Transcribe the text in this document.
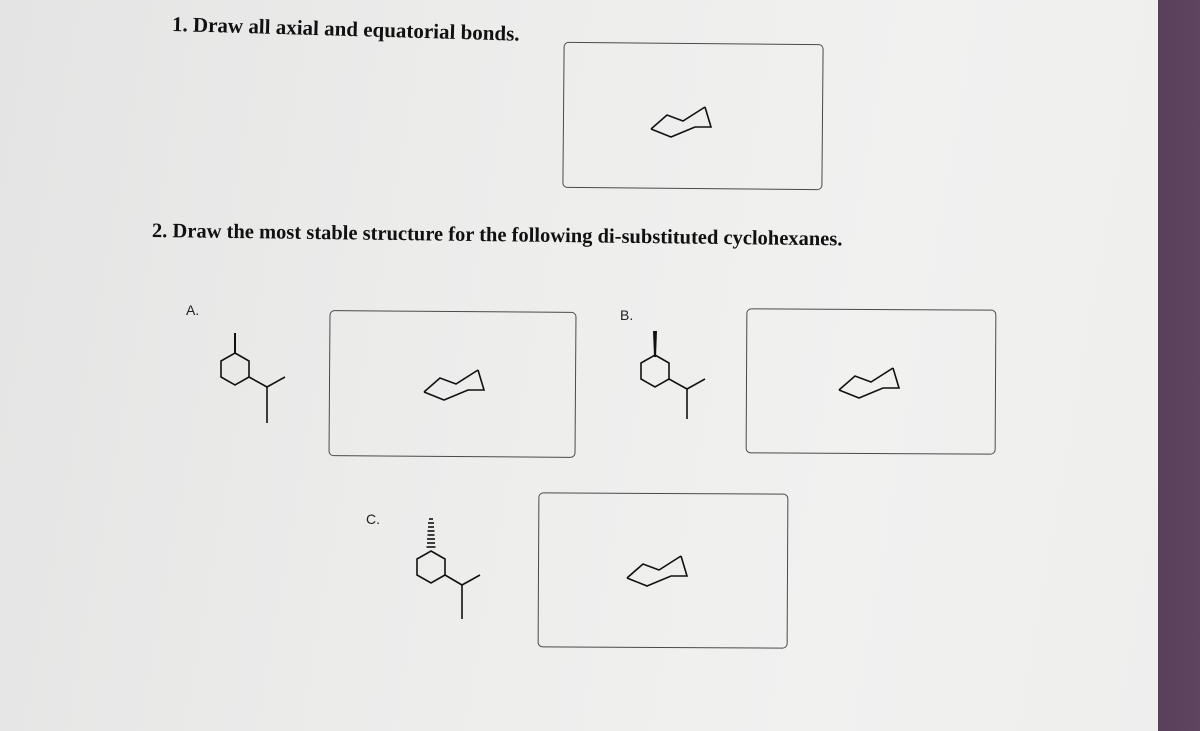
1. Draw all axial and equatorial bonds.
2. Draw the most stable structure for the following di-substituted cyclohexanes.
A.	B.
C.
